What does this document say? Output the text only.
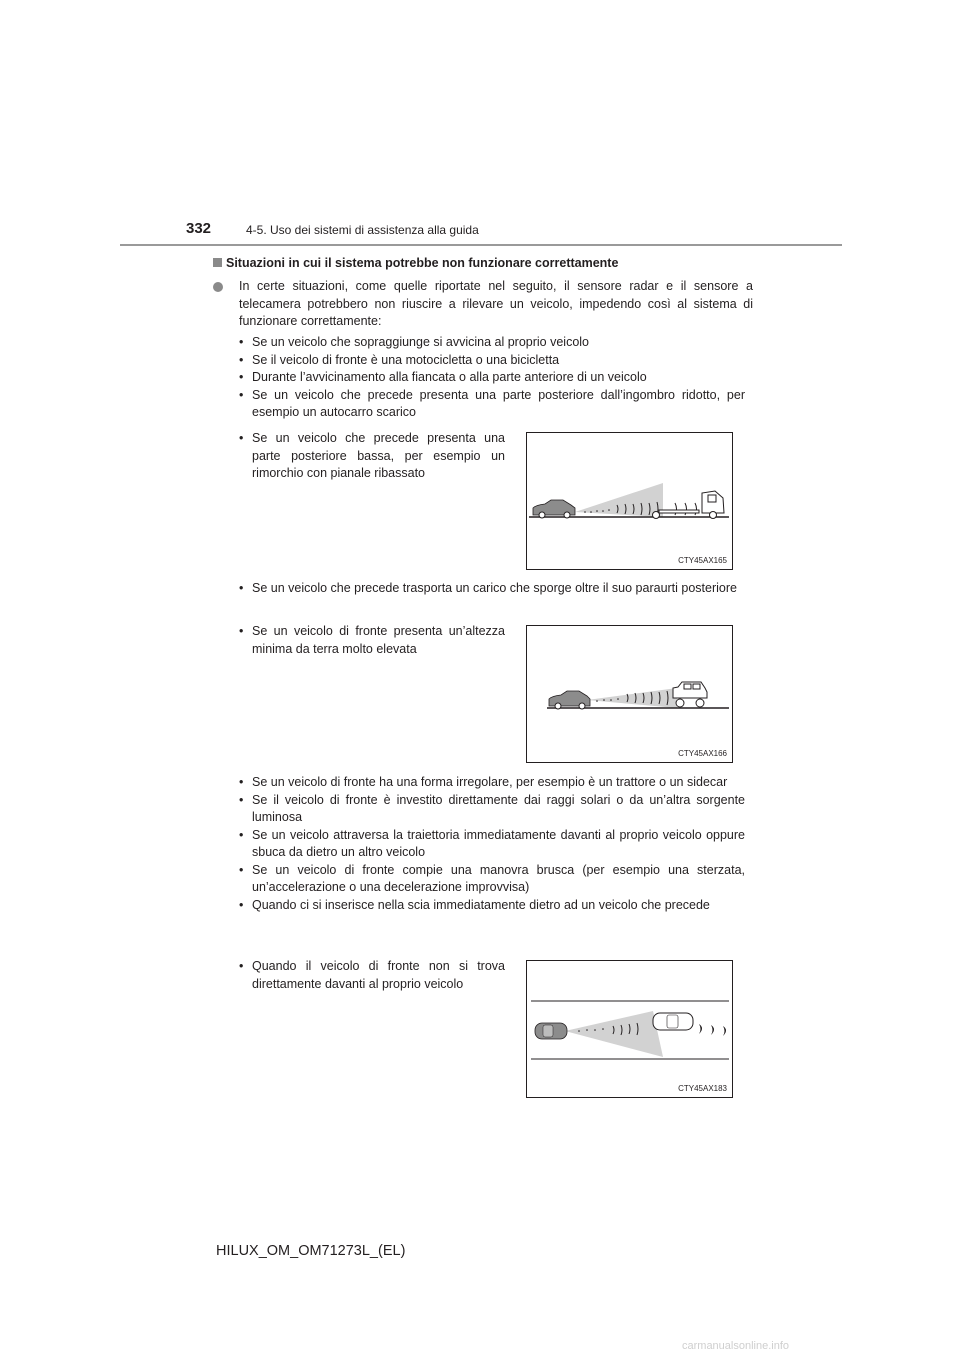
332	4-5. Uso dei sistemi di assistenza alla guida
Situazioni in cui il sistema potrebbe non funzionare correttamente

In certe situazioni, come quelle riportate nel seguito, il sensore radar e il sensore a telecamera potrebbero non riuscire a rilevare un veicolo, impedendo così al sistema di funzionare correttamente:

• Se un veicolo che sopraggiunge si avvicina al proprio veicolo
• Se il veicolo di fronte è una motocicletta o una bicicletta
• Durante l’avvicinamento alla fiancata o alla parte anteriore di un veicolo
• Se un veicolo che precede presenta una parte posteriore dall’ingombro ridotto, per esempio un autocarro scarico
• Se un veicolo che precede presenta una parte posteriore bassa, per esempio un rimorchio con pianale ribassato
CTY45AX165
• Se un veicolo che precede trasporta un carico che sporge oltre il suo paraurti posteriore
• Se un veicolo di fronte presenta un’altezza minima da terra molto elevata
CTY45AX166
• Se un veicolo di fronte ha una forma irregolare, per esempio è un trattore o un sidecar
• Se il veicolo di fronte è investito direttamente dai raggi solari o da un’altra sorgente luminosa
• Se un veicolo attraversa la traiettoria immediatamente davanti al proprio veicolo oppure sbuca da dietro un altro veicolo
• Se un veicolo di fronte compie una manovra brusca (per esempio una sterzata, un’accelerazione o una decelerazione improvvisa)
• Quando ci si inserisce nella scia immediatamente dietro ad un veicolo che precede
• Quando il veicolo di fronte non si trova direttamente davanti al proprio veicolo
CTY45AX183
HILUX_OM_OM71273L_(EL)
carmanualsonline.info
